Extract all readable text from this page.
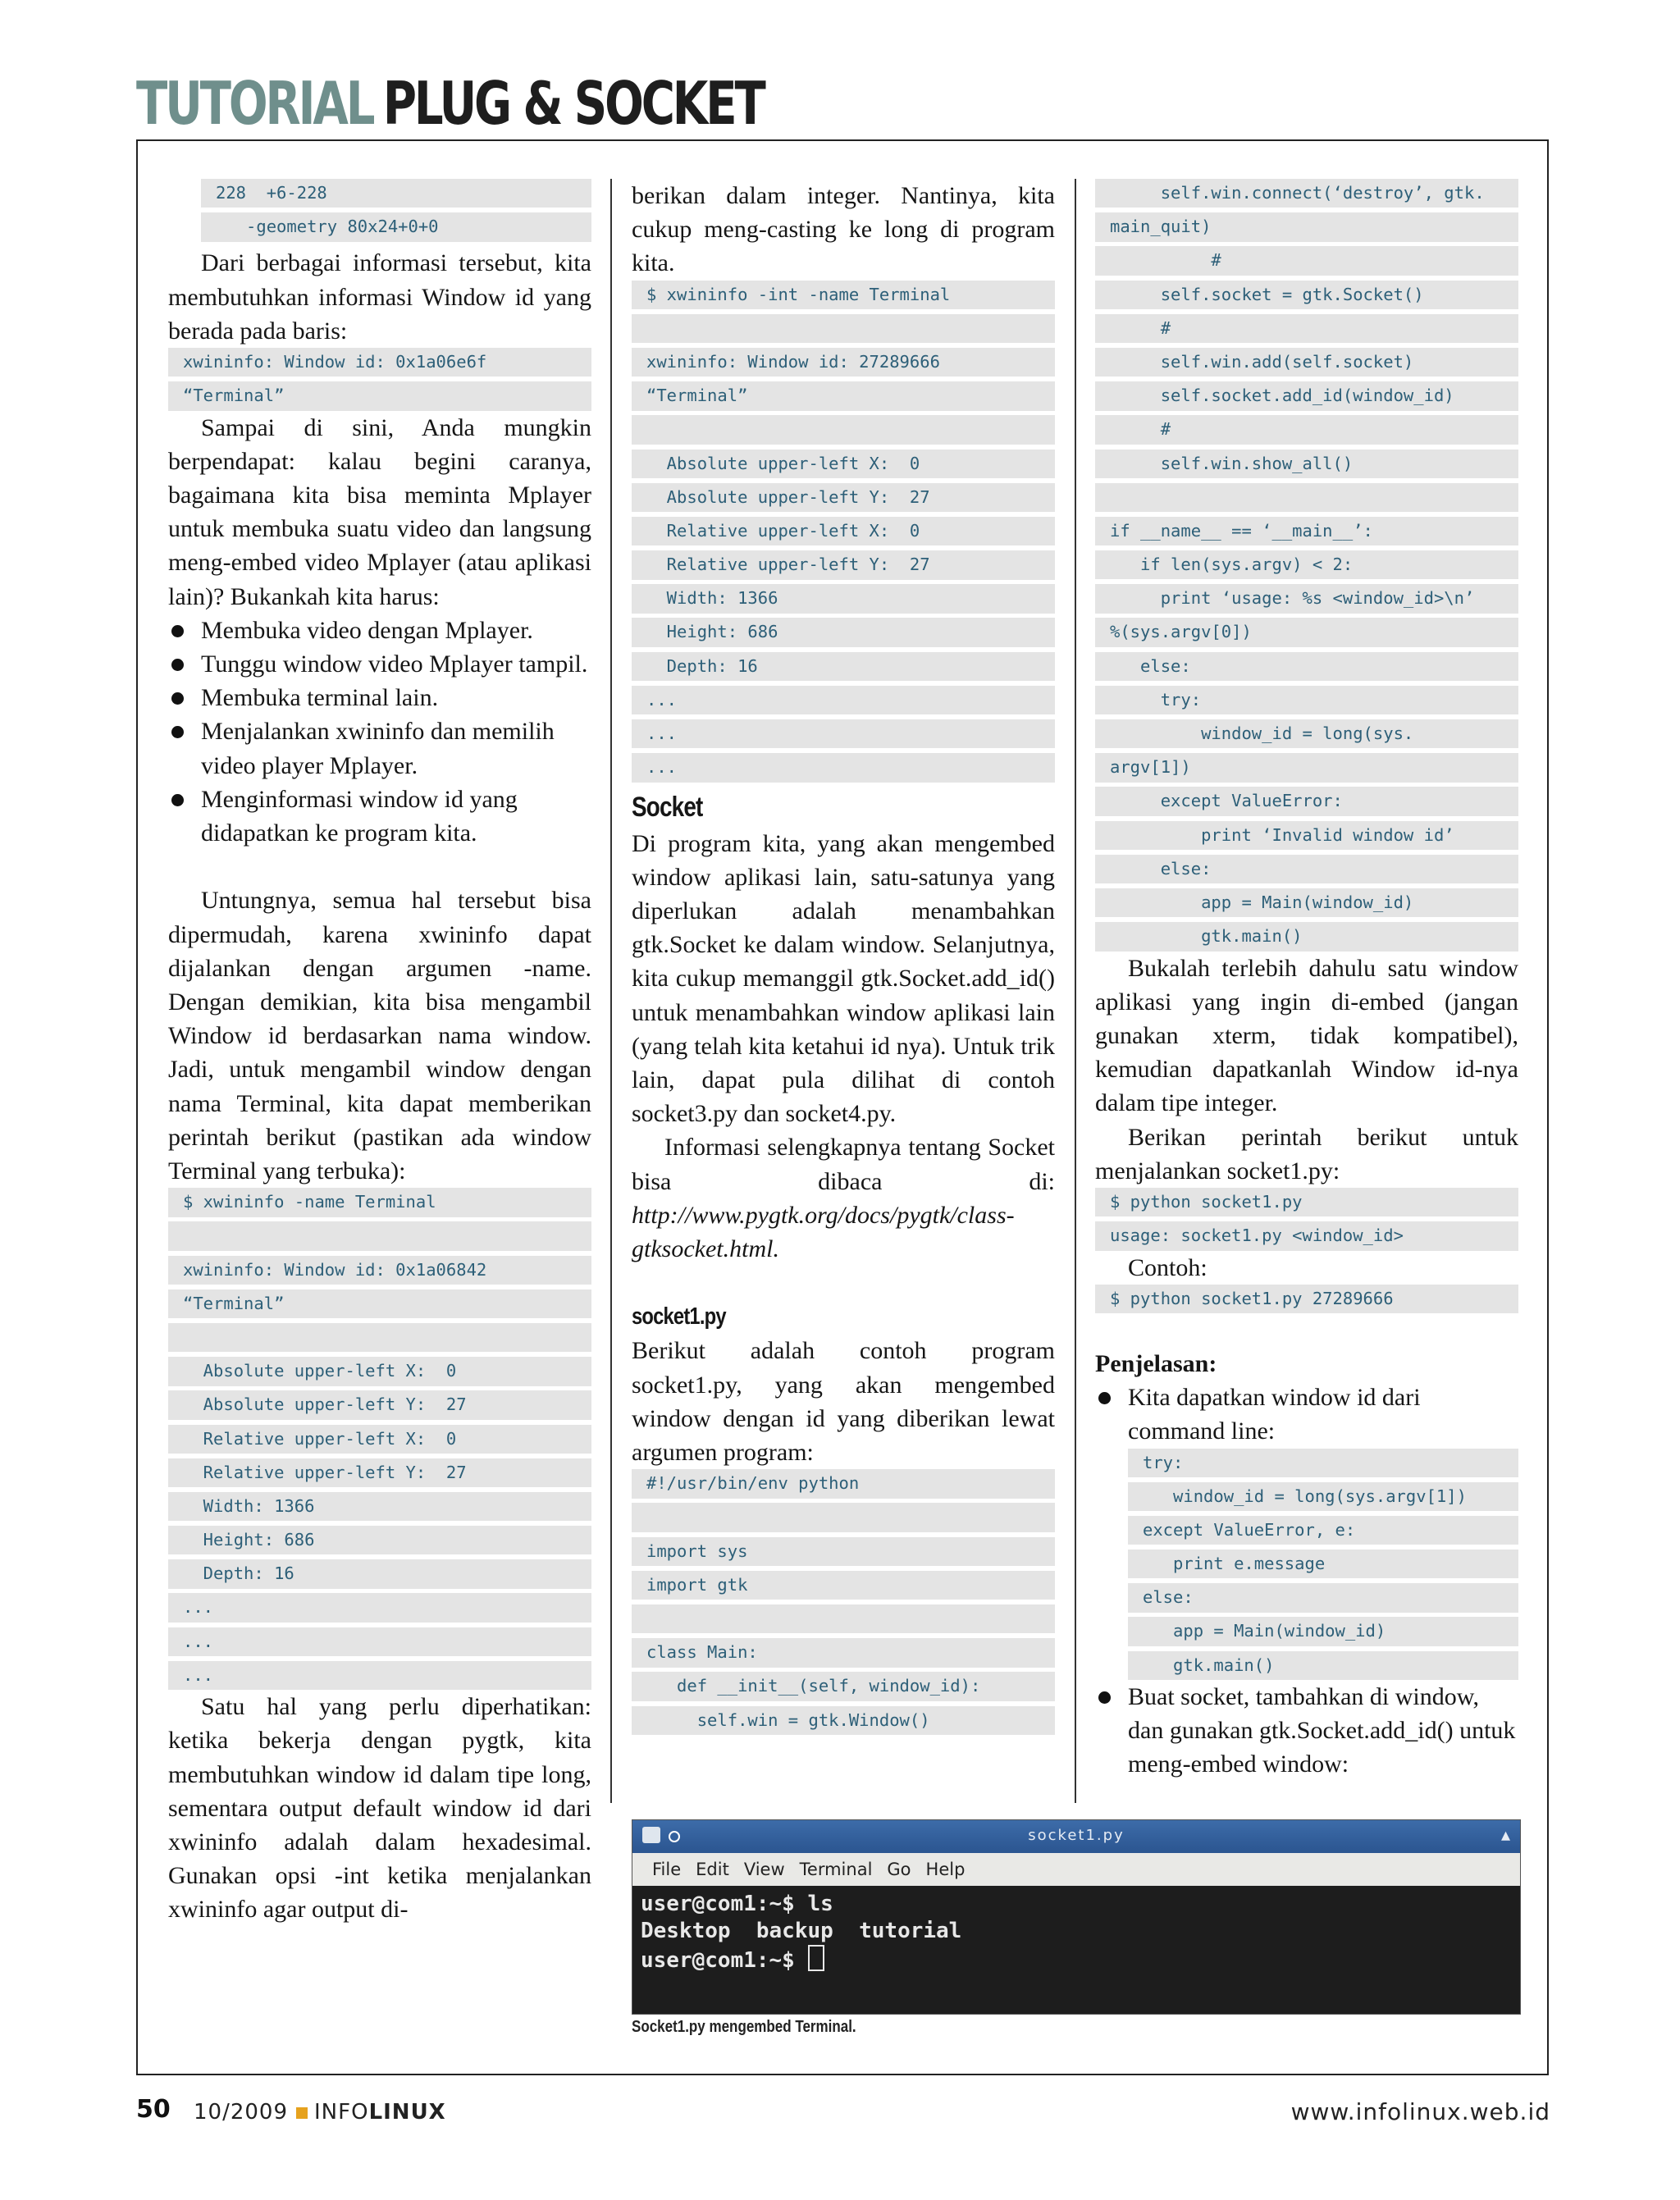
TUTORIAL PLUG & SOCKET
228  +6-228
-geometry 80x24+0+0
Dari berbagai informasi tersebut, kita membutuhkan informasi Window id yang berada pada baris:
xwininfo: Window id: 0x1a06e6f
“Terminal”
Sampai di sini, Anda mungkin berpendapat: kalau begini caranya, bagaimana kita bisa meminta Mplayer untuk membuka suatu video dan langsung meng-embed video Mplayer (atau aplikasi lain)? Bukankah kita harus:
Membuka video dengan Mplayer.
Tunggu window video Mplayer tampil.
Membuka terminal lain.
Menjalankan xwininfo dan memilih video player Mplayer.
Menginformasi window id yang didapatkan ke program kita.
Untungnya, semua hal tersebut bisa dipermudah, karena xwininfo dapat dijalankan dengan argumen -name. Dengan demikian, kita bisa mengambil Window id berdasarkan nama window. Jadi, untuk mengambil window dengan nama Terminal, kita dapat memberikan perintah berikut (pastikan ada window Terminal yang terbuka):
$ xwininfo -name Terminal
xwininfo: Window id: 0x1a06842
“Terminal”
Absolute upper-left X:  0
Absolute upper-left Y:  27
Relative upper-left X:  0
Relative upper-left Y:  27
Width: 1366
Height: 686
Depth: 16
...
...
...
Satu hal yang perlu diperhatikan: ketika bekerja dengan pygtk, kita membutuhkan window id dalam tipe long, sementara output default window id dari xwininfo adalah dalam hexadesimal. Gunakan opsi -int ketika menjalankan xwininfo agar output di-
berikan dalam integer. Nantinya, kita cukup meng-casting ke long di program kita.
$ xwininfo -int -name Terminal
xwininfo: Window id: 27289666
“Terminal”
Absolute upper-left X:  0
Absolute upper-left Y:  27
Relative upper-left X:  0
Relative upper-left Y:  27
Width: 1366
Height: 686
Depth: 16
...
...
...
Socket
Di program kita, yang akan mengembed window aplikasi lain, satu-satunya yang diperlukan adalah menambahkan gtk.Socket ke dalam window. Selanjutnya, kita cukup memanggil gtk.Socket.add_id() untuk menambahkan window aplikasi lain (yang telah kita ketahui id nya). Untuk trik lain, dapat pula dilihat di contoh socket3.py dan socket4.py.
Informasi selengkapnya tentang Socket bisa dibaca di: http://www.pygtk.org/docs/pygtk/class-gtksocket.html.
socket1.py
Berikut adalah contoh program socket1.py, yang akan mengembed window dengan id yang diberikan lewat argumen program:
#!/usr/bin/env python
import sys
import gtk
class Main:
def __init__(self, window_id):
self.win = gtk.Window()
self.win.connect(‘destroy’, gtk.
main_quit)
#
self.socket = gtk.Socket()
#
self.win.add(self.socket)
self.socket.add_id(window_id)
#
self.win.show_all()
if __name__ == ‘__main__’:
if len(sys.argv) < 2:
print ‘usage: %s <window_id>\n’
%(sys.argv[0])
else:
try:
window_id = long(sys.
argv[1])
except ValueError:
print ‘Invalid window id’
else:
app = Main(window_id)
gtk.main()
Bukalah terlebih dahulu satu window aplikasi yang ingin di-embed (jangan gunakan xterm, tidak kompatibel), kemudian dapatkanlah Window id-nya dalam tipe integer.
Berikan perintah berikut untuk menjalankan socket1.py:
$ python socket1.py
usage: socket1.py <window_id>
Contoh:
$ python socket1.py 27289666
Penjelasan:
Kita dapatkan window id dari command line:
try:
window_id = long(sys.argv[1])
except ValueError, e:
print e.message
else:
app = Main(window_id)
gtk.main()
Buat socket, tambahkan di window, dan gunakan gtk.Socket.add_id() untuk meng-embed window:
socket1.py	▴
File Edit View Terminal Go Help
user@com1:~$ ls
Desktop  backup  tutorial
user@com1:~$
Socket1.py mengembed Terminal.
50 10/2009 INFOLINUX	www.infolinux.web.id
